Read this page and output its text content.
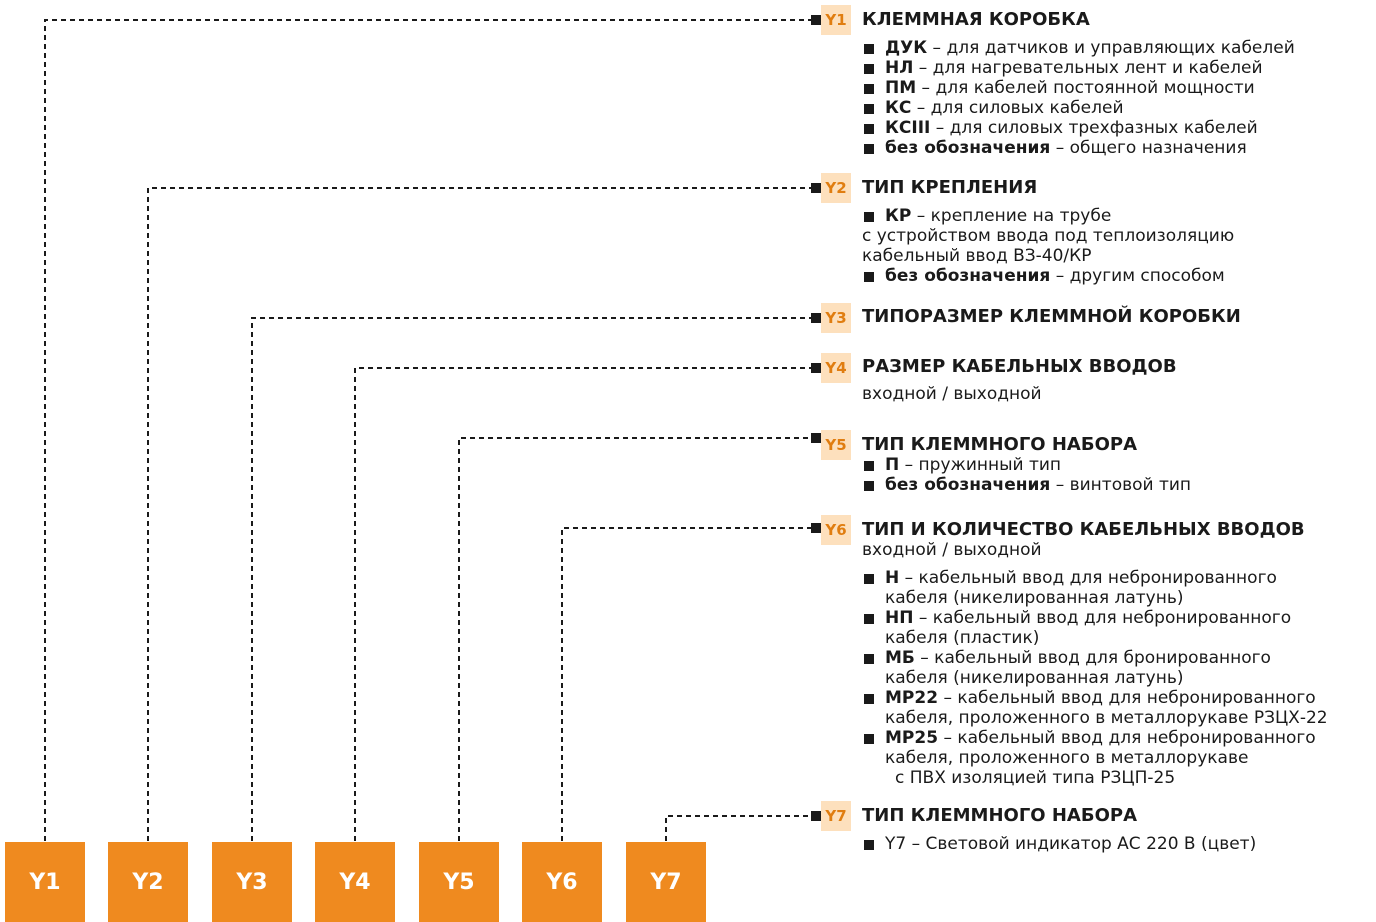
Y1	Y2	Y3	Y4	Y5	Y6	Y7
Y1
Y2
Y3
Y4
Y5
Y6
Y7
КЛЕММНАЯ КОРОБКА
ДУК – для датчиков и управляющих кабелей
НЛ – для нагревательных лент и кабелей
ПМ – для кабелей постоянной мощности
КС – для силовых кабелей
КСIII – для силовых трехфазных кабелей
без обозначения – общего назначения
ТИП КРЕПЛЕНИЯ
КР – крепление на трубе
с устройством ввода под теплоизоляцию
кабельный ввод ВЗ-40/КР
без обозначения – другим способом
ТИПОРАЗМЕР КЛЕММНОЙ КОРОБКИ
РАЗМЕР КАБЕЛЬНЫХ ВВОДОВ
входной / выходной
ТИП КЛЕММНОГО НАБОРА
П – пружинный тип
без обозначения – винтовой тип
ТИП И КОЛИЧЕСТВО КАБЕЛЬНЫХ ВВОДОВ
входной / выходной
Н – кабельный ввод для небронированного
кабеля (никелированная латунь)
НП – кабельный ввод для небронированного
кабеля (пластик)
МБ – кабельный ввод для бронированного
кабеля (никелированная латунь)
МР22 – кабельный ввод для небронированного
кабеля, проложенного в металлорукаве РЗЦХ-22
МР25 – кабельный ввод для небронированного
кабеля, проложенного в металлорукаве
с ПВХ изоляцией типа РЗЦП-25
ТИП КЛЕММНОГО НАБОРА
Y7 – Световой индикатор АС 220 В (цвет)
